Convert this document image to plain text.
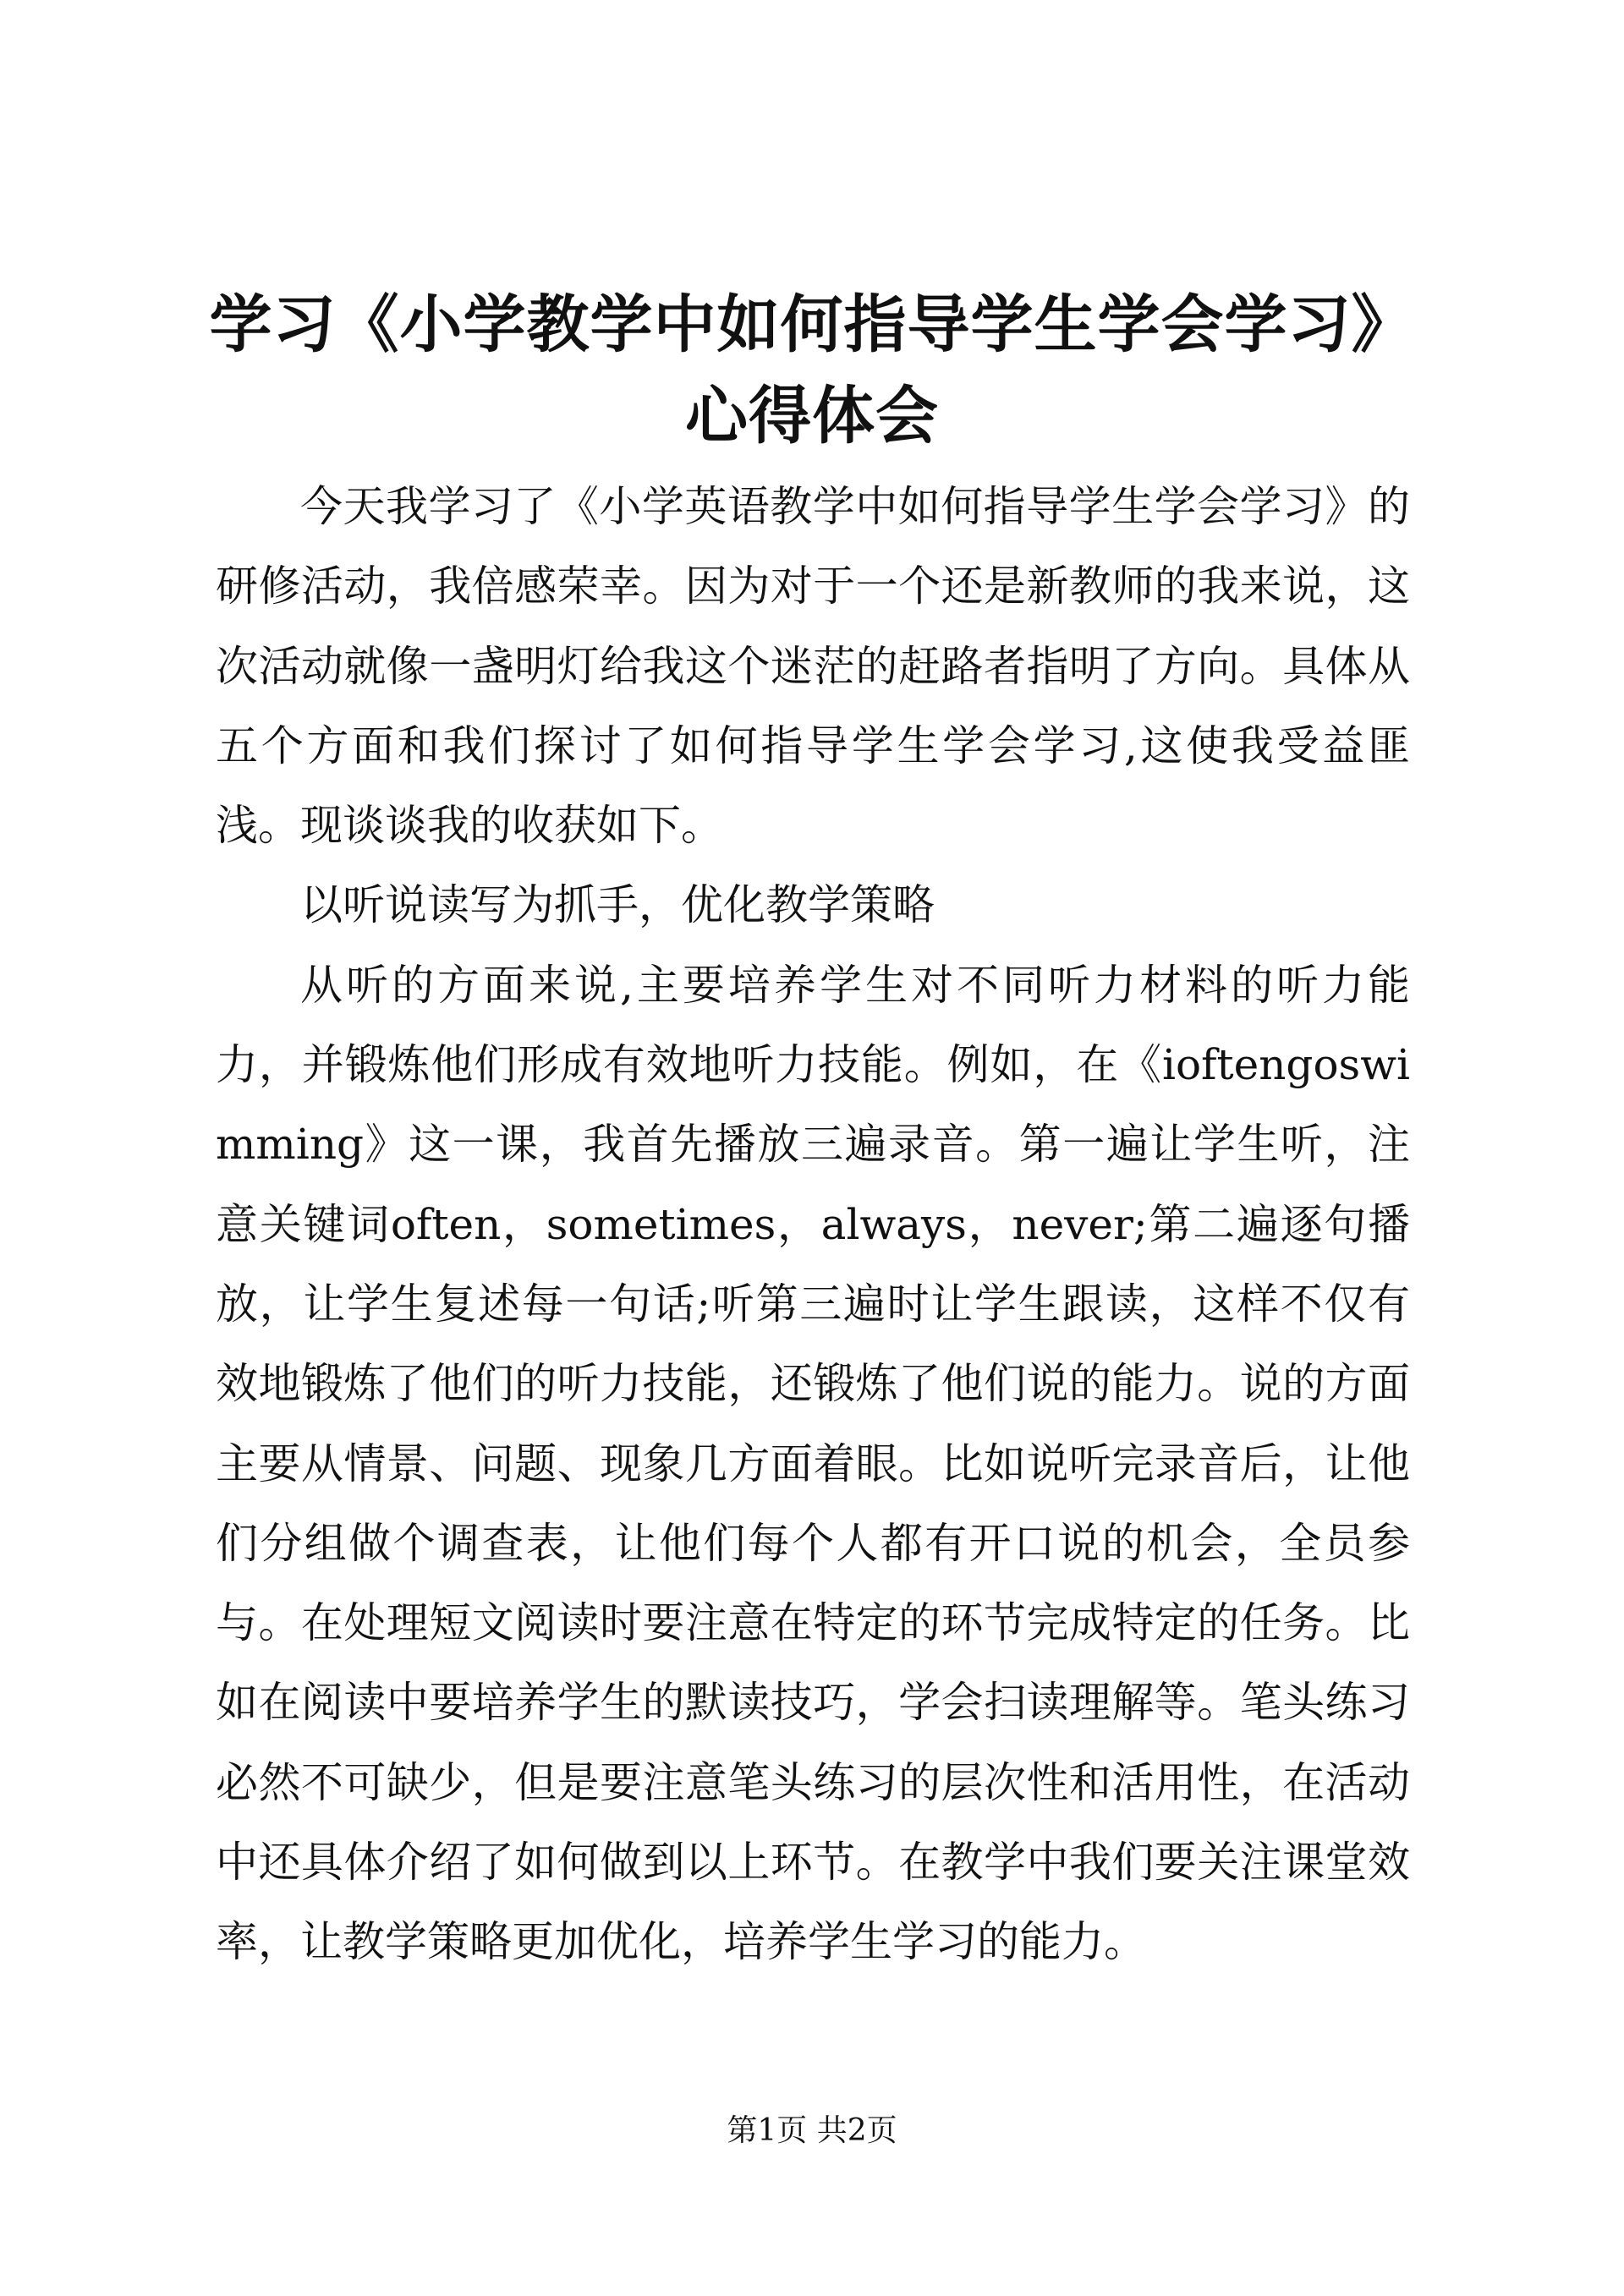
学习《小学教学中如何指导学生学会学习》心得体会

今天我学习了《小学英语教学中如何指导学生学会学习》的研修活动，我倍感荣幸。因为对于一个还是新教师的我来说，这次活动就像一盏明灯给我这个迷茫的赶路者指明了方向。具体从五个方面和我们探讨了如何指导学生学会学习,这使我受益匪浅。现谈谈我的收获如下。

以听说读写为抓手，优化教学策略

从听的方面来说,主要培养学生对不同听力材料的听力能力，并锻炼他们形成有效地听力技能。例如，在《ioftengoswimming》这一课，我首先播放三遍录音。第一遍让学生听，注意关键词often，sometimes，always，never;第二遍逐句播放，让学生复述每一句话;听第三遍时让学生跟读，这样不仅有效地锻炼了他们的听力技能，还锻炼了他们说的能力。说的方面主要从情景、问题、现象几方面着眼。比如说听完录音后，让他们分组做个调查表，让他们每个人都有开口说的机会，全员参与。在处理短文阅读时要注意在特定的环节完成特定的任务。比如在阅读中要培养学生的默读技巧，学会扫读理解等。笔头练习必然不可缺少，但是要注意笔头练习的层次性和活用性，在活动中还具体介绍了如何做到以上环节。在教学中我们要关注课堂效率，让教学策略更加优化，培养学生学习的能力。

第1页 共2页
